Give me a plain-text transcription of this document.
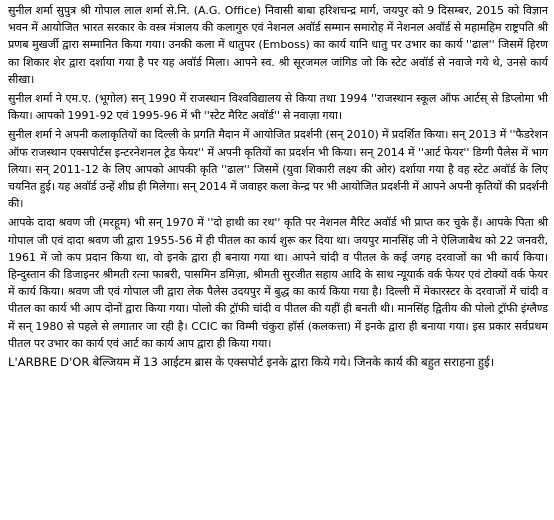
सुनील शर्मा सुपुत्र श्री गोपाल लाल शर्मा से.नि. (A.G. Office) निवासी बाबा हरिशचन्द्र मार्ग, जयपुर को 9 दिसम्बर, 2015 को विज्ञान भवन में आयोजित भारत सरकार के वस्त्र मंत्रालय की कलागुरु एवं नेशनल अवॉर्ड सम्मान समारोह में नेशनल अवॉर्ड से महामहिम राष्ट्रपति श्री प्रणब मुखर्जी द्वारा सम्मानित किया गया। उनकी कला में धातुपर (Emboss) का कार्य यानि धातु पर उभार का कार्य ''ढाल'' जिसमें हिरण का शिकार शेर द्वारा दर्शाया गया है पर यह अवॉर्ड मिला। आपने स्व. श्री सूरजमल जांगिड जो कि स्टेट अवॉर्ड से नवाजे गये थे, उनसे कार्य सीखा।

सुनील शर्मा ने एम.ए. (भूगोल) सन् 1990 में राजस्थान विश्वविद्यालय से किया तथा 1994 ''राजस्थान स्कूल ऑफ आर्टस् से डिप्लोमा भी किया। आपको 1991-92 एवं 1995-96 में भी ''स्टेट मैरिट अवॉर्ड'' से नवाज़ा गया।

सुनील शर्मा ने अपनी कलाकृतियों का दिल्ली के प्रगति मैदान में आयोजित प्रदर्शनी (सन् 2010) में प्रदर्शित किया। सन् 2013 में ''फैडरेशन ऑफ राजस्थान एक्सपोर्टस इन्टरनेशनल ट्रेड फेयर'' में अपनी कृतियों का प्रदर्शन भी किया। सन् 2014 में ''आर्ट फेयर'' डिग्गी पैलेस में भाग लिया। सन् 2011-12 के लिए आपको आपकी कृति ''ढाल'' जिसमें (युवा शिकारी लक्ष्य की ओर) दर्शाया गया है वह स्टेट अवॉर्ड के लिए चयनित हुई। यह अवॉर्ड उन्हें शीघ्र ही मिलेगा। सन् 2014 में जवाहर कला केन्द्र पर भी आयोजित प्रदर्शनी में आपने अपनी कृतियों की प्रदर्शनी की।

आपके दादा श्रवण जी (मरहूम) भी सन् 1970 में ''दो हाथी का रथ'' कृति पर नेशनल मैरिट अवॉर्ड भी प्राप्त कर चुके हैं। आपके पिता श्री गोपाल जी एवं दादा श्रवण जी द्वारा 1955-56 में ही पीतल का कार्य शुरू कर दिया था। जयपुर मानसिंह जी ने ऐलिजाबैथ को 22 जनवरी, 1961 में जो कप प्रदान किया था, वो इनके द्वारा ही बनाया गया था। आपने चांदी व पीतल के कई जगह दरवाजों का भी कार्य किया। हिन्दुस्तान की डिजाइनर श्रीमती रत्ना फाबरी, पासमिन डमिज़ा, श्रीमती सुरजीत सहाय आदि के साथ न्यूयार्क वर्क फेयर एवं टोक्यों वर्क फेयर में कार्य किया। श्रवण जी एवं गोपाल जी द्वारा लेक पैलेस उदयपुर में बुद्ध का कार्य किया गया है। दिल्ली में मेकारस्टर के दरवाजों में चांदी व पीतल का कार्य भी आप दोनों द्वारा किया गया। पोलो की ट्रॉफी चांदी व पीतल की यहीं ही बनती थी। मानसिंह द्वितीय की पोलो ट्रॉफी इंग्लैण्ड में सन् 1980 से पहले से लगातार जा रही है। CCIC का विम्मी चंकुरा हॉर्स (कलकत्ता) में इनके द्वारा ही बनाया गया। इस प्रकार सर्वप्रथम पीतल पर उभार का कार्य एवं आर्ट का कार्य आप द्वारा ही किया गया।

L'ARBRE D'OR बेल्जियम में 13 आईटम ब्रास के एक्सपोर्ट इनके द्वारा किये गये। जिनके कार्य की बहुत सराहना हुई।
